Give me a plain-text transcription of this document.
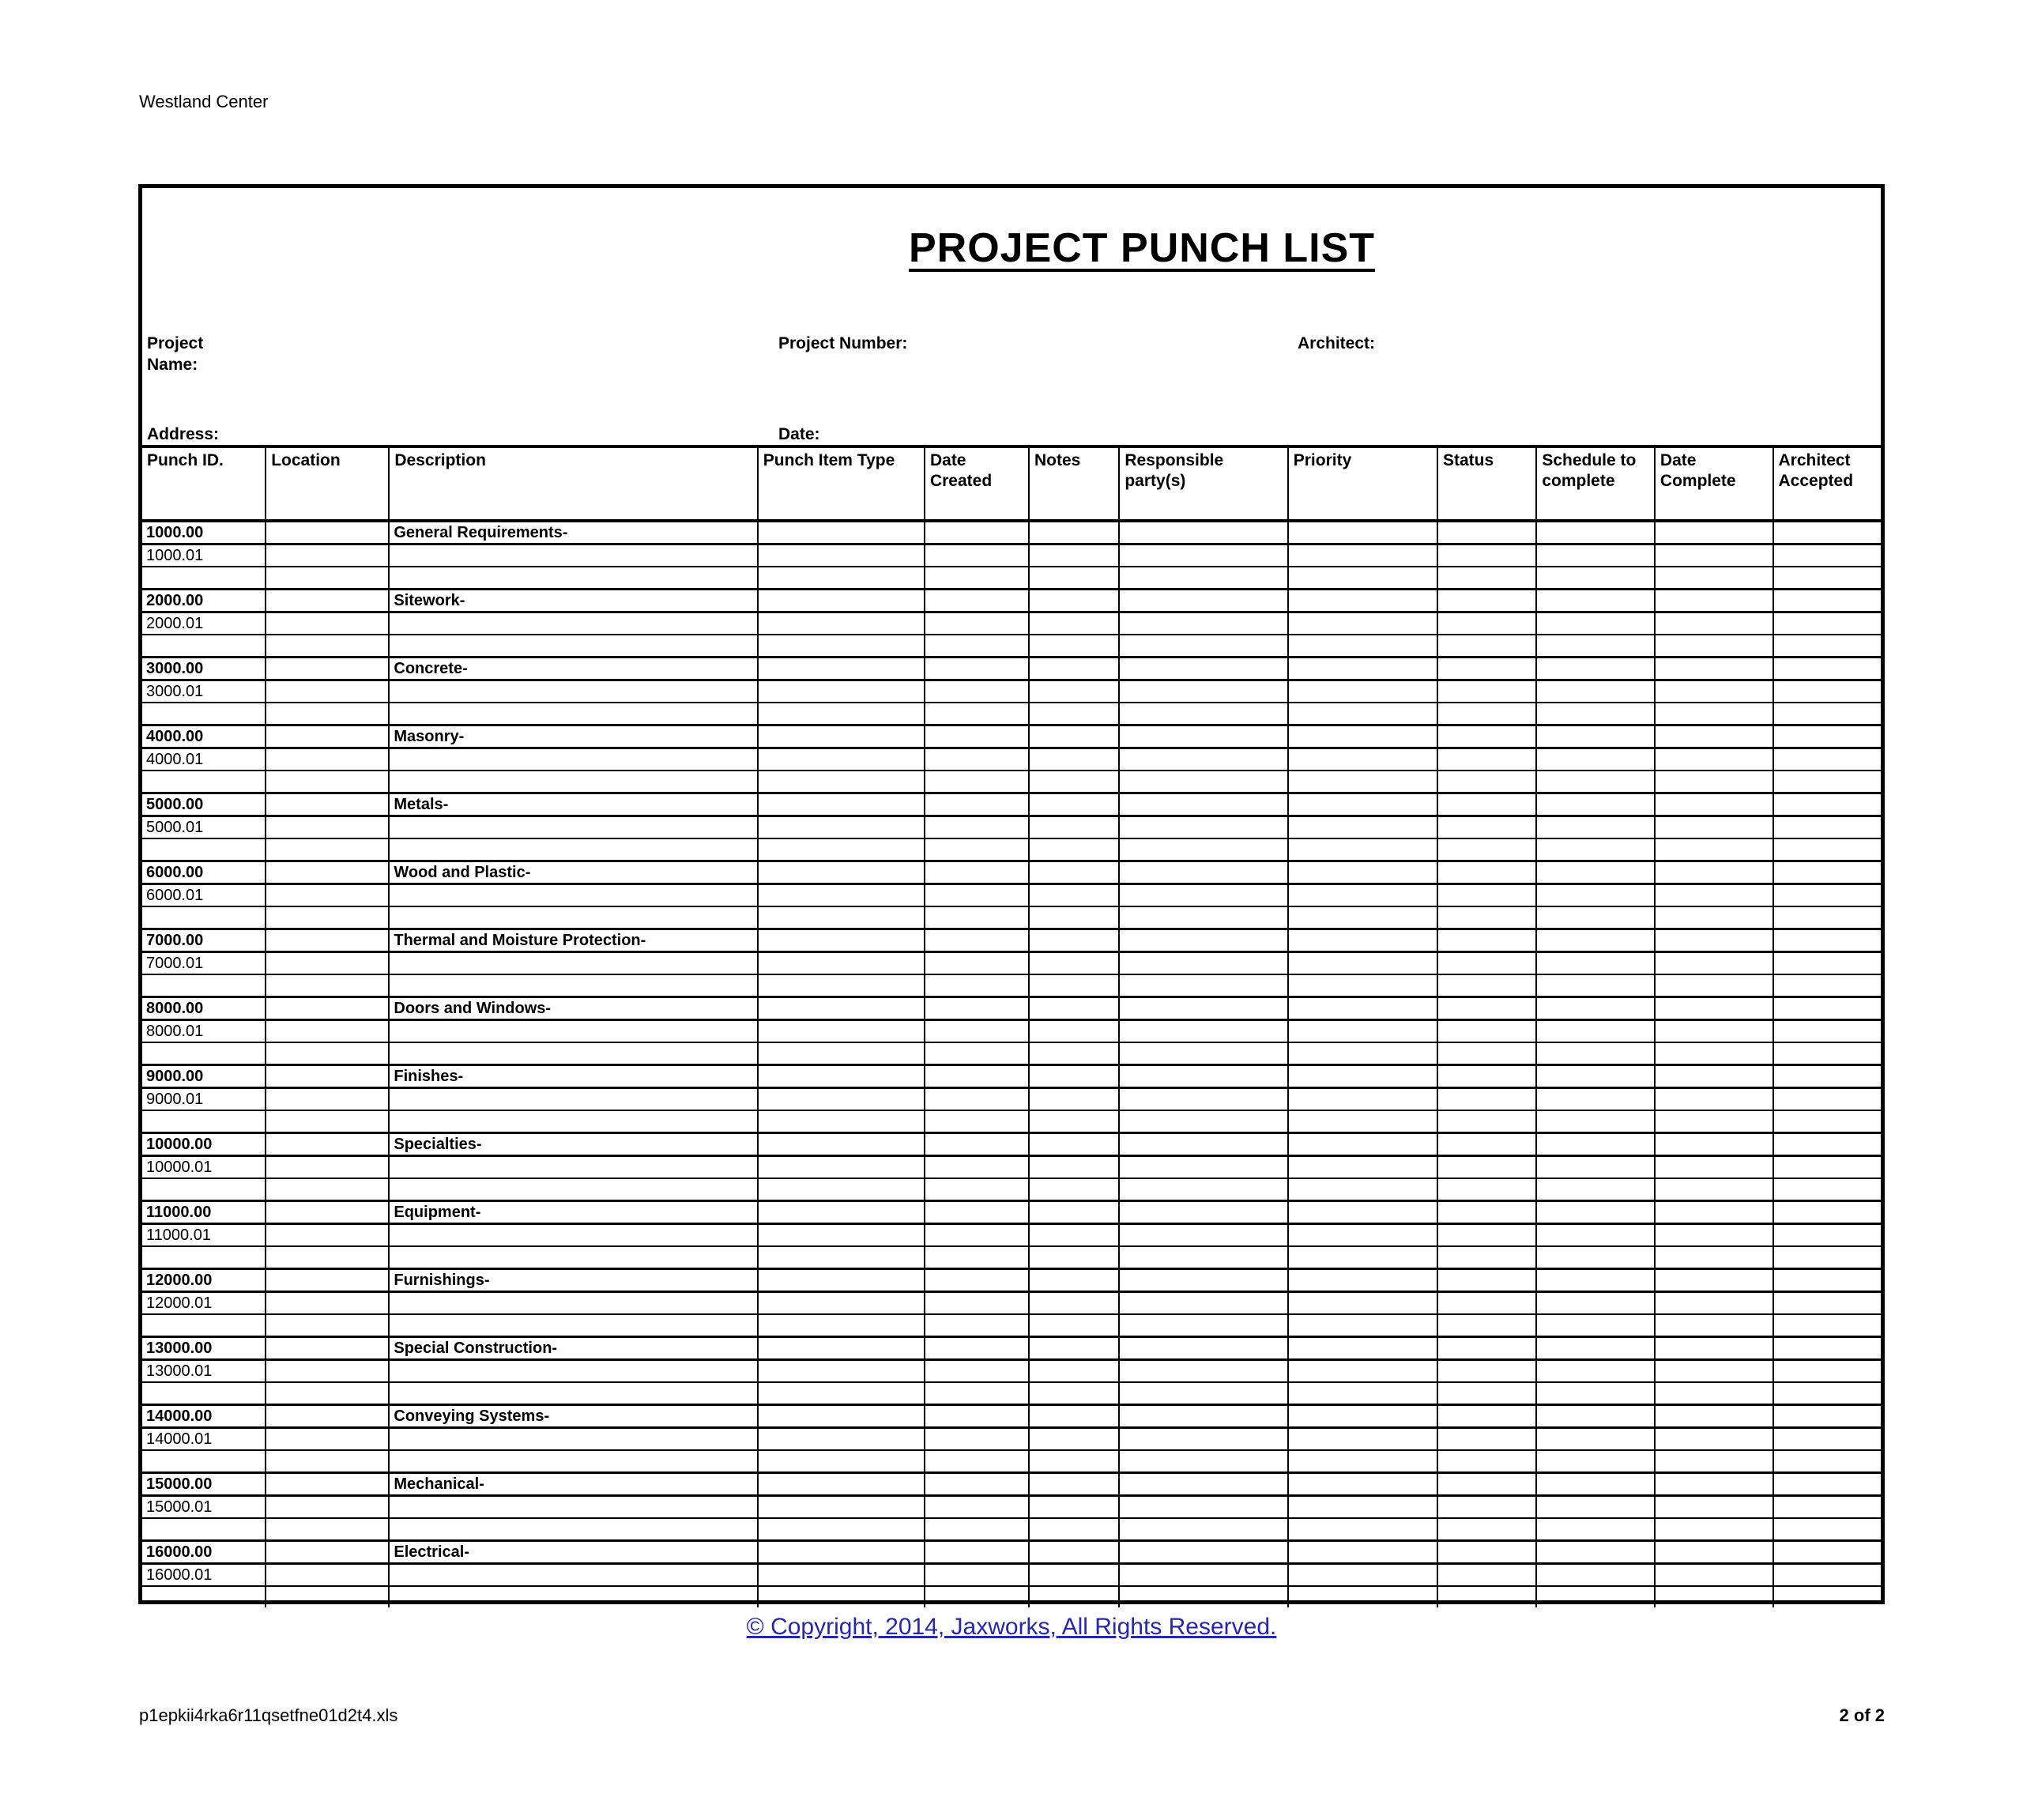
Westland Center
PROJECT PUNCH LIST
Project Name:
Project Number:	Architect:
Address:	Date:
Punch ID.	Location	Description	Punch Item Type	Date Created	Notes	Responsible party(s)	Priority	Status	Schedule to complete	Date Complete	Architect Accepted
1000.00		General Requirements-									
1000.01											

2000.00		Sitework-									
2000.01											

3000.00		Concrete-									
3000.01											

4000.00		Masonry-									
4000.01											

5000.00		Metals-									
5000.01											

6000.00		Wood and Plastic-									
6000.01											

7000.00		Thermal and Moisture Protection-									
7000.01											

8000.00		Doors and Windows-									
8000.01											

9000.00		Finishes-									
9000.01											

10000.00		Specialties-									
10000.01											

11000.00		Equipment-									
11000.01											

12000.00		Furnishings-									
12000.01											

13000.00		Special Construction-									
13000.01											

14000.00		Conveying Systems-									
14000.01											

15000.00		Mechanical-									
15000.01											

16000.00		Electrical-									
16000.01											

© Copyright, 2014, Jaxworks, All Rights Reserved.
p1epkii4rka6r11qsetfne01d2t4.xls	2 of 2
